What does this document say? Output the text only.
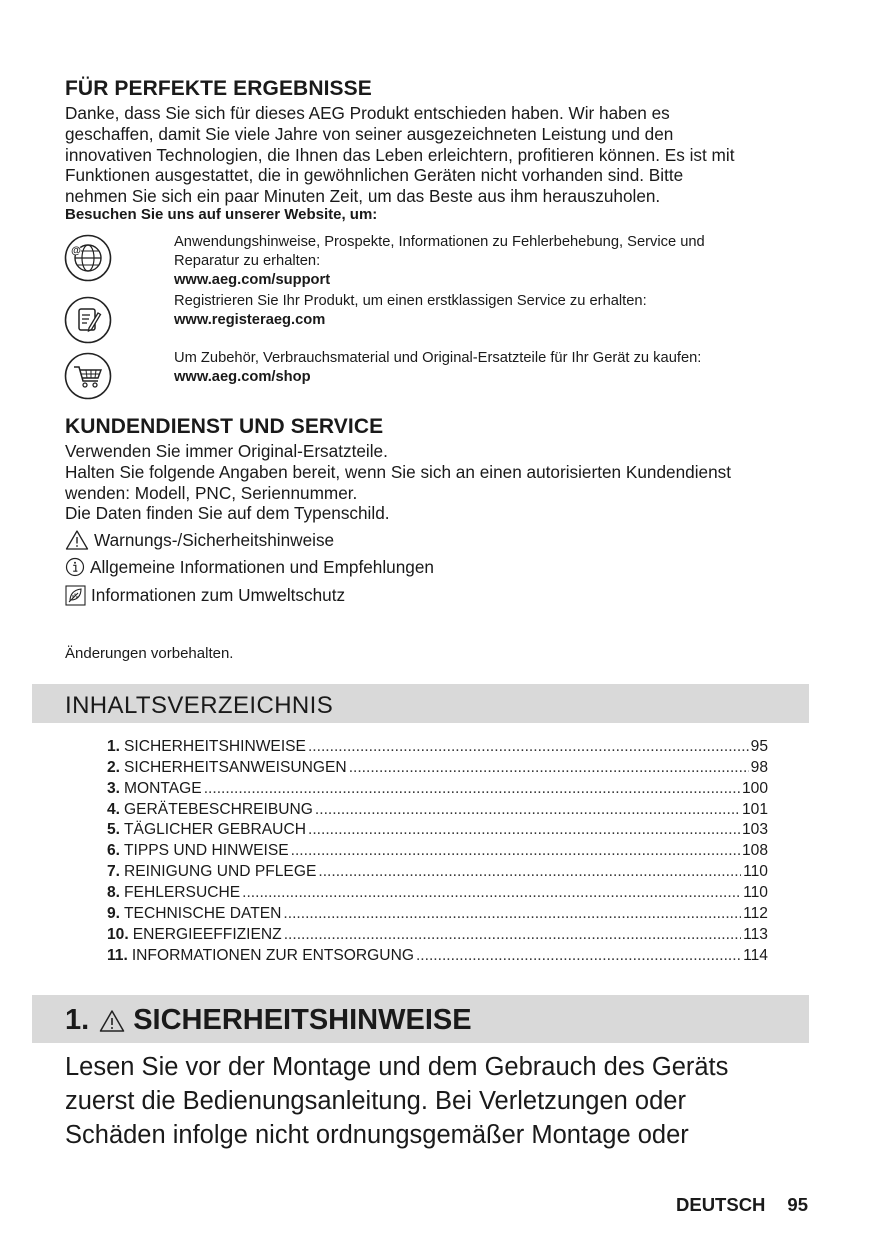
FÜR PERFEKTE ERGEBNISSE
Danke, dass Sie sich für dieses AEG Produkt entschieden haben. Wir haben es
geschaffen, damit Sie viele Jahre von seiner ausgezeichneten Leistung und den
innovativen Technologien, die Ihnen das Leben erleichtern, profitieren können. Es ist mit
Funktionen ausgestattet, die in gewöhnlichen Geräten nicht vorhanden sind. Bitte
nehmen Sie sich ein paar Minuten Zeit, um das Beste aus ihm herauszuholen.
Besuchen Sie uns auf unserer Website, um:
@
Anwendungshinweise, Prospekte, Informationen zu Fehlerbehebung, Service und
Reparatur zu erhalten:
www.aeg.com/support
Registrieren Sie Ihr Produkt, um einen erstklassigen Service zu erhalten:
www.registeraeg.com
Um Zubehör, Verbrauchsmaterial und Original-Ersatzteile für Ihr Gerät zu kaufen:
www.aeg.com/shop
KUNDENDIENST UND SERVICE
Verwenden Sie immer Original-Ersatzteile.
Halten Sie folgende Angaben bereit, wenn Sie sich an einen autorisierten Kundendienst
wenden: Modell, PNC, Seriennummer.
Die Daten finden Sie auf dem Typenschild.
Warnungs-/Sicherheitshinweise
Allgemeine Informationen und Empfehlungen
Informationen zum Umweltschutz
Änderungen vorbehalten.
INHALTSVERZEICHNIS
1. SICHERHEITSHINWEISE .....	95
2. SICHERHEITSANWEISUNGEN .....	98
3. MONTAGE .....	100
4. GERÄTEBESCHREIBUNG .....	101
5. TÄGLICHER GEBRAUCH .....	103
6. TIPPS UND HINWEISE .....	108
7. REINIGUNG UND PFLEGE .....	110
8. FEHLERSUCHE .....	110
9. TECHNISCHE DATEN .....	112
10. ENERGIEEFFIZIENZ .....	113
11. INFORMATIONEN ZUR ENTSORGUNG .....	114
1. SICHERHEITSHINWEISE
Lesen Sie vor der Montage und dem Gebrauch des Geräts
zuerst die Bedienungsanleitung. Bei Verletzungen oder
Schäden infolge nicht ordnungsgemäßer Montage oder
DEUTSCH 95
